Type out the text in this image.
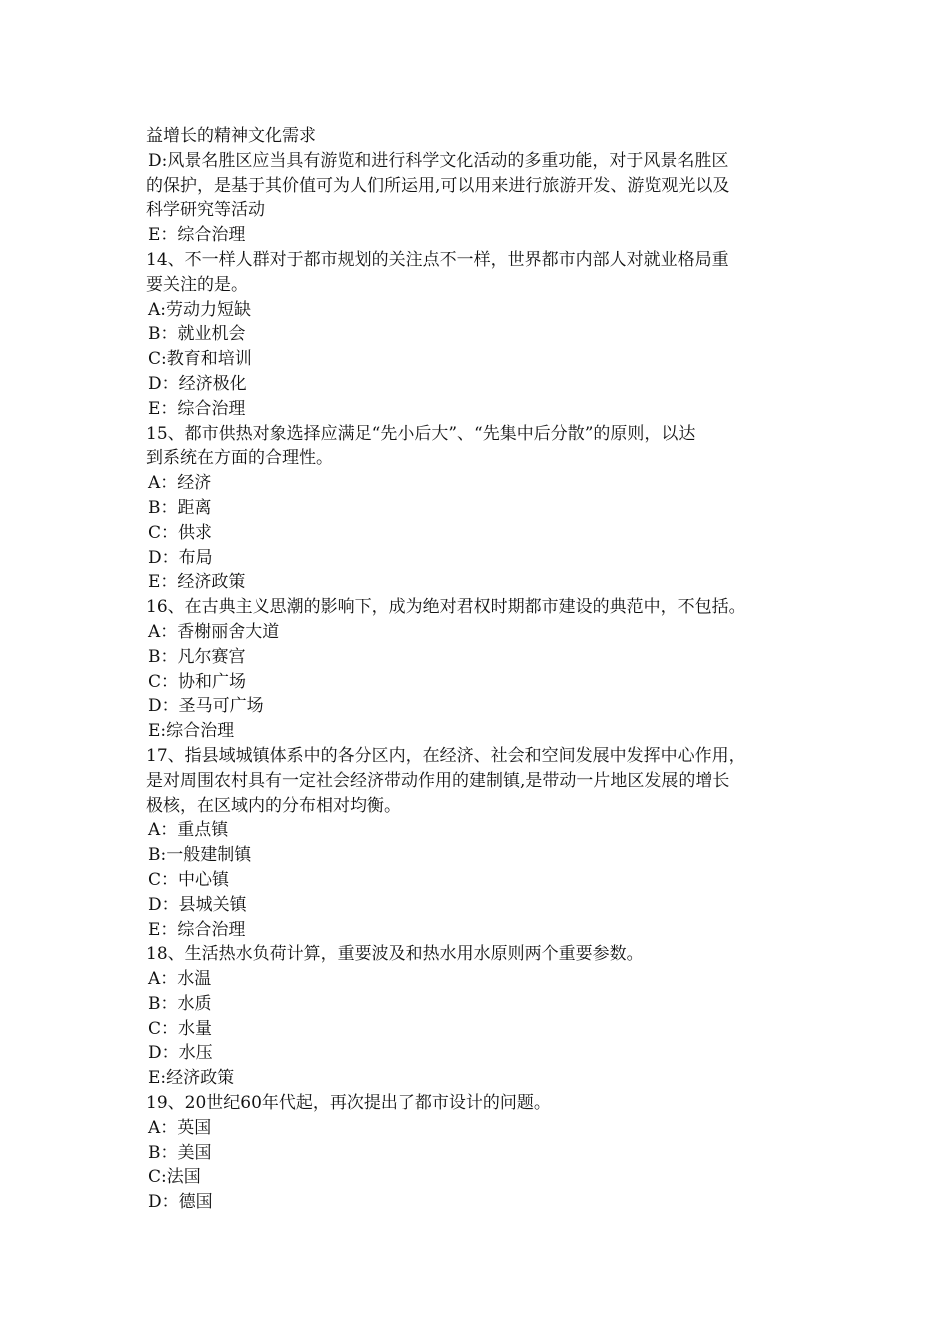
益增长的精神文化需求
D:风景名胜区应当具有游览和进行科学文化活动的多重功能，对于风景名胜区
的保护，是基于其价值可为人们所运用,可以用来进行旅游开发、游览观光以及
科学研究等活动
E：综合治理
14、不一样人群对于都市规划的关注点不一样，世界都市内部人对就业格局重
要关注的是。
A:劳动力短缺
B：就业机会
C:教育和培训
D：经济极化
E：综合治理
15、都市供热对象选择应满足“先小后大”、“先集中后分散”的原则，以达
到系统在方面的合理性。
A：经济
B：距离
C：供求
D：布局
E：经济政策
16、在古典主义思潮的影响下，成为绝对君权时期都市建设的典范中，不包括。
A：香榭丽舍大道
B：凡尔赛宫
C：协和广场
D：圣马可广场
E:综合治理
17、指县域城镇体系中的各分区内，在经济、社会和空间发展中发挥中心作用，
是对周围农村具有一定社会经济带动作用的建制镇,是带动一片地区发展的增长
极核，在区域内的分布相对均衡。
A：重点镇
B:一般建制镇
C：中心镇
D：县城关镇
E：综合治理
18、生活热水负荷计算，重要波及和热水用水原则两个重要参数。
A：水温
B：水质
C：水量
D：水压
E:经济政策
19、20世纪60年代起，再次提出了都市设计的问题。
A：英国
B：美国
C:法国
D：德国
